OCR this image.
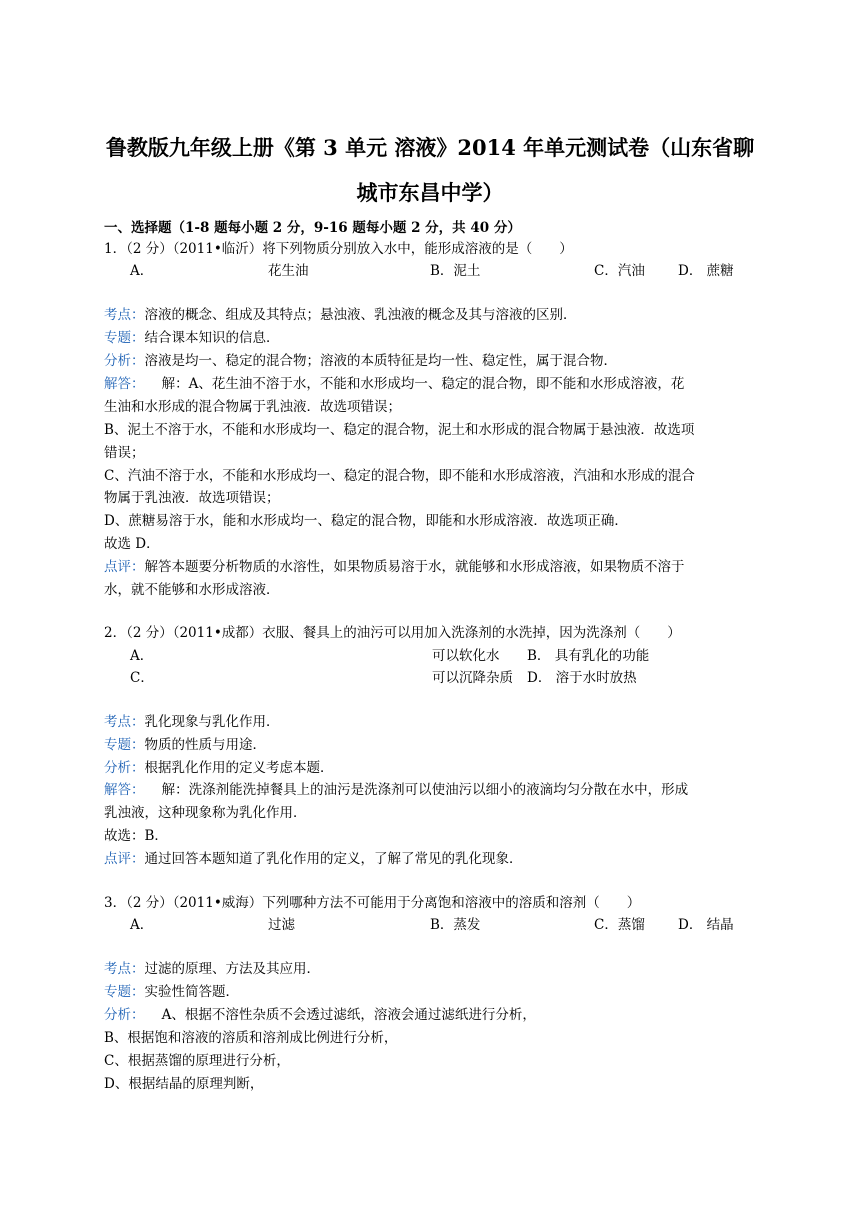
鲁教版九年级上册《第 3 单元 溶液》2014 年单元测试卷（山东省聊
城市东昌中学）
一、选择题（1-8 题每小题 2 分，9-16 题每小题 2 分，共 40 分）
1．（2 分）（2011•临沂）将下列物质分别放入水中，能形成溶液的是（　　）
A．	花生油	B．泥土	C．汽油 D． 蔗糖
考点：溶液的概念、组成及其特点；悬浊液、乳浊液的概念及其与溶液的区别．
专题：结合课本知识的信息．
分析：溶液是均一、稳定的混合物；溶液的本质特征是均一性、稳定性，属于混合物．
解答：    解：A、花生油不溶于水，不能和水形成均一、稳定的混合物，即不能和水形成溶液，花
生油和水形成的混合物属于乳浊液．故选项错误；
B、泥土不溶于水，不能和水形成均一、稳定的混合物，泥土和水形成的混合物属于悬浊液．故选项
错误；
C、汽油不溶于水，不能和水形成均一、稳定的混合物，即不能和水形成溶液，汽油和水形成的混合
物属于乳浊液．故选项错误；
D、蔗糖易溶于水，能和水形成均一、稳定的混合物，即能和水形成溶液．故选项正确．
故选 D．
点评：解答本题要分析物质的水溶性，如果物质易溶于水，就能够和水形成溶液，如果物质不溶于
水，就不能够和水形成溶液．
2．（2 分）（2011•成都）衣服、餐具上的油污可以用加入洗涤剂的水洗掉，因为洗涤剂（　　）
A．	可以软化水 B． 具有乳化的功能
C．	可以沉降杂质 D． 溶于水时放热
考点：乳化现象与乳化作用．
专题：物质的性质与用途．
分析：根据乳化作用的定义考虑本题．
解答：    解：洗涤剂能洗掉餐具上的油污是洗涤剂可以使油污以细小的液滴均匀分散在水中，形成
乳浊液，这种现象称为乳化作用．
故选：B．
点评：通过回答本题知道了乳化作用的定义，了解了常见的乳化现象．
3．（2 分）（2011•威海）下列哪种方法不可能用于分离饱和溶液中的溶质和溶剂（　　）
A．	过滤	B．蒸发	C．蒸馏 D． 结晶
考点：过滤的原理、方法及其应用．
专题：实验性简答题．
分析：    A、根据不溶性杂质不会透过滤纸，溶液会通过滤纸进行分析，
B、根据饱和溶液的溶质和溶剂成比例进行分析，
C、根据蒸馏的原理进行分析，
D、根据结晶的原理判断，
